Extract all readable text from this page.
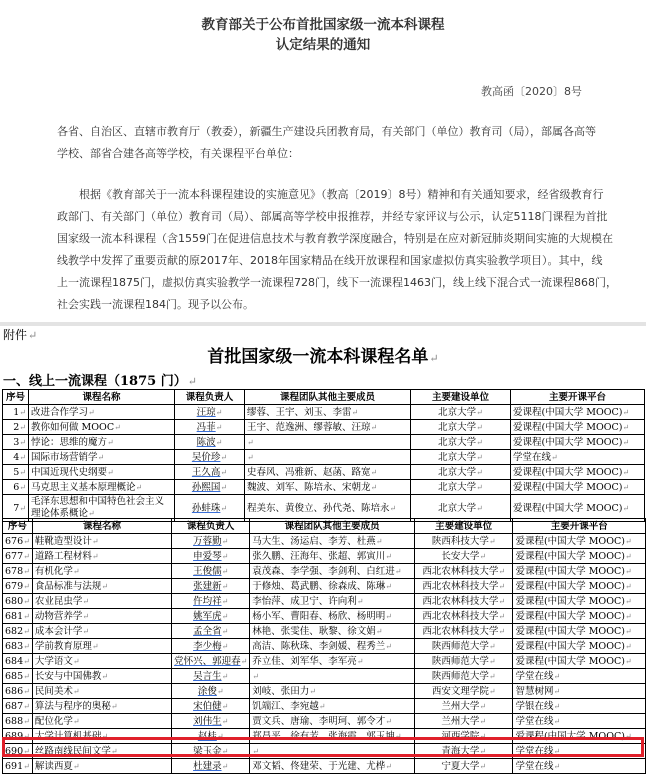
教育部关于公布首批国家级一流本科课程
认定结果的通知
教高函〔2020〕8号
各省、自治区、直辖市教育厅（教委），新疆生产建设兵团教育局，有关部门（单位）教育司（局），部属各高等
学校、部省合建各高等学校，有关课程平台单位：
根据《教育部关于一流本科课程建设的实施意见》（教高〔2019〕8号）精神和有关通知要求，经省级教育行
政部门、有关部门（单位）教育司（局）、部属高等学校申报推荐，并经专家评议与公示，认定5118门课程为首批
国家级一流本科课程（含1559门在促进信息技术与教育教学深度融合，特别是在应对新冠肺炎期间实施的大规模在
线教学中发挥了重要贡献的原2017年、2018年国家精品在线开放课程和国家虚拟仿真实验教学项目）。其中，线
上一流课程1875门，虚拟仿真实验教学一流课程728门，线下一流课程1463门，线上线下混合式一流课程868门，
社会实践一流课程184门。现予以公布。
附件↵
首批国家级一流本科课程名单↵
一、线上一流课程（1875 门）↵
序号	课程名称	课程负责人	课程团队其他主要成员	主要建设单位	主要开课平台
1↵	改进合作学习↵	汪琼↵	缪蓉、王宇、刘玉、李雷↵	北京大学↵	爱课程(中国大学 MOOC)↵
2↵	教你如何做 MOOC↵	冯菲↵	王宇、范逸洲、缪蓉敏、汪琼↵	北京大学↵	爱课程(中国大学 MOOC)↵
3↵	悖论：思维的魔方↵	陈波↵	↵	北京大学↵	爱课程(中国大学 MOOC)↵
4↵	国际市场营销学↵	吴价珍↵	↵	北京大学↵	学堂在线↵
5↵	中国近现代史纲要↵	王久高↵	史春风、冯雅新、赵菡、路宽↵	北京大学↵	爱课程(中国大学 MOOC)↵
6↵	马克思主义基本原理概论↵	孙熙国↵	魏波、刘军、陈培永、宋朝龙↵	北京大学↵	爱课程(中国大学 MOOC)↵
7↵	毛泽东思想和中国特色社会主义理论体系概论↵	孙蚌珠↵	程美东、黄俊立、孙代尧、陈培永↵	北京大学↵	爱课程(中国大学 MOOC)↵
序号	课程名称	课程负责人	课程团队其他主要成员	主要建设单位	主要开课平台
676↵	鞋靴造型设计↵	万蓉勤↵	马大生、汤运启、李芳、杜燕↵	陕西科技大学↵	爱课程(中国大学 MOOC)↵
677↵	道路工程材料↵	申爱琴↵	张久鹏、汪海年、张超、郭寅川↵	长安大学↵	爱课程(中国大学 MOOC)↵
678↵	有机化学↵	王俊儒↵	袁茂森、李学强、李剑利、白红进↵	西北农林科技大学↵	爱课程(中国大学 MOOC)↵
679↵	食品标准与法规↵	张建新↵	于修烛、葛武鹏、徐森成、陈琳↵	西北农林科技大学↵	爱课程(中国大学 MOOC)↵
680↵	农业昆虫学↵	仵均祥↵	李怡萍、成卫宁、许向利↵	西北农林科技大学↵	爱课程(中国大学 MOOC)↵
681↵	动物营养学↵	姚军虎↵	杨小军、曹阳春、杨欣、杨明明↵	西北农林科技大学↵	爱课程(中国大学 MOOC)↵
682↵	成本会计学↵	孟全省↵	林艳、张雯佳、耿黎、徐文娟↵	西北农林科技大学↵	爱课程(中国大学 MOOC)↵
683↵	学前教育原理↵	李少梅↵	高洁、陈秋珠、李剑媛、程秀兰↵	陕西师范大学↵	爱课程(中国大学 MOOC)↵
684↵	大学语文↵	党怀兴、郭迎春↵	乔立佳、刘军华、李军亮↵	陕西师范大学↵	爱课程(中国大学 MOOC)↵
685↵	长安与中国佛教↵	吴言生↵	↵	陕西师范大学↵	学堂在线↵
686↵	民间美术↵	涂俊↵	刘岐、张田力↵	西安文理学院↵	智慧树网↵
687↵	算法与程序的奥秘↵	宋伯健↵	饥端江、李宛越↵	兰州大学↵	学银在线↵
688↵	配位化学↵	刘伟生↵	贾文兵、唐瑜、李明珂、郭令才↵	兰州大学↵	学堂在线↵
689↵	大学计算机基础↵	赵桂↵	郑昌平、徐有芳、张海霞、郭玉坤↵	河西学院↵	爱课程(中国大学 MOOC)↵
690↵	丝路南线民间文学↵	梁玉金↵	↵	青海大学↵	学堂在线↵
691↵	解读西夏↵	杜建录↵	邓文韬、佟建荣、于光建、尤桦↵	宁夏大学↵	学堂在线↵
